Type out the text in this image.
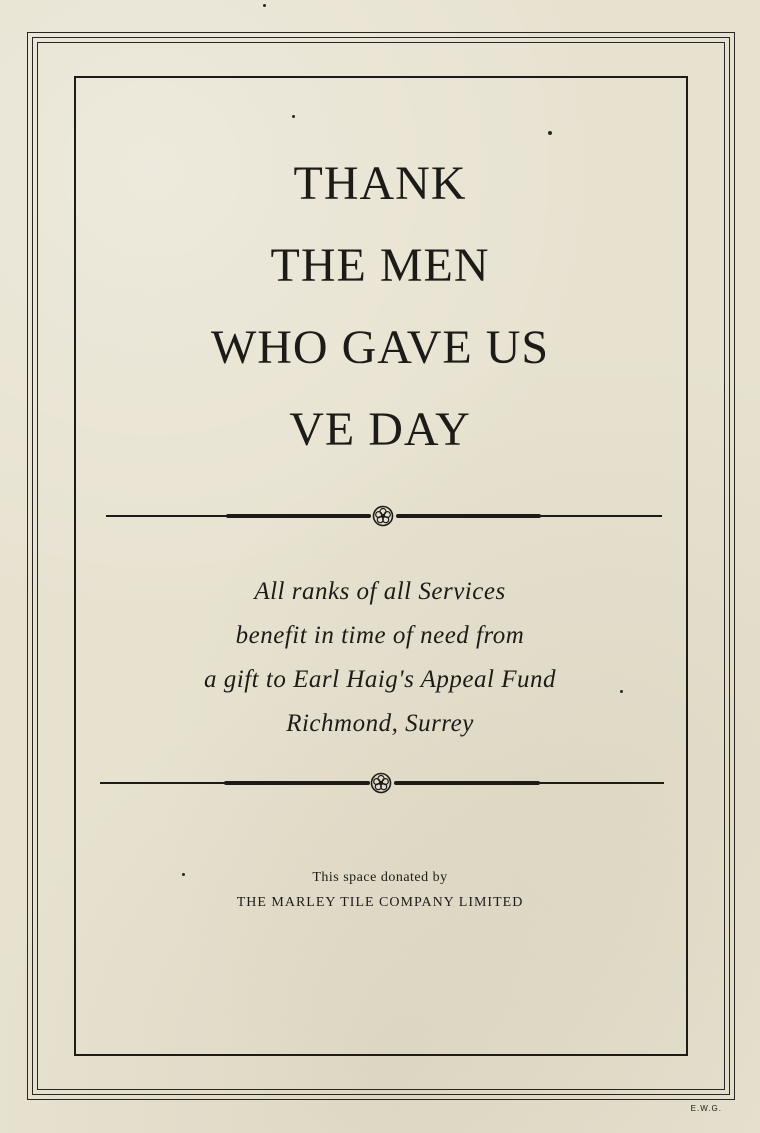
THANK
THE MEN
WHO GAVE US
VE DAY
All ranks of all Services
benefit in time of need from
a gift to Earl Haig's Appeal Fund
Richmond, Surrey
This space donated by
THE MARLEY TILE COMPANY LIMITED
E.W.G.
